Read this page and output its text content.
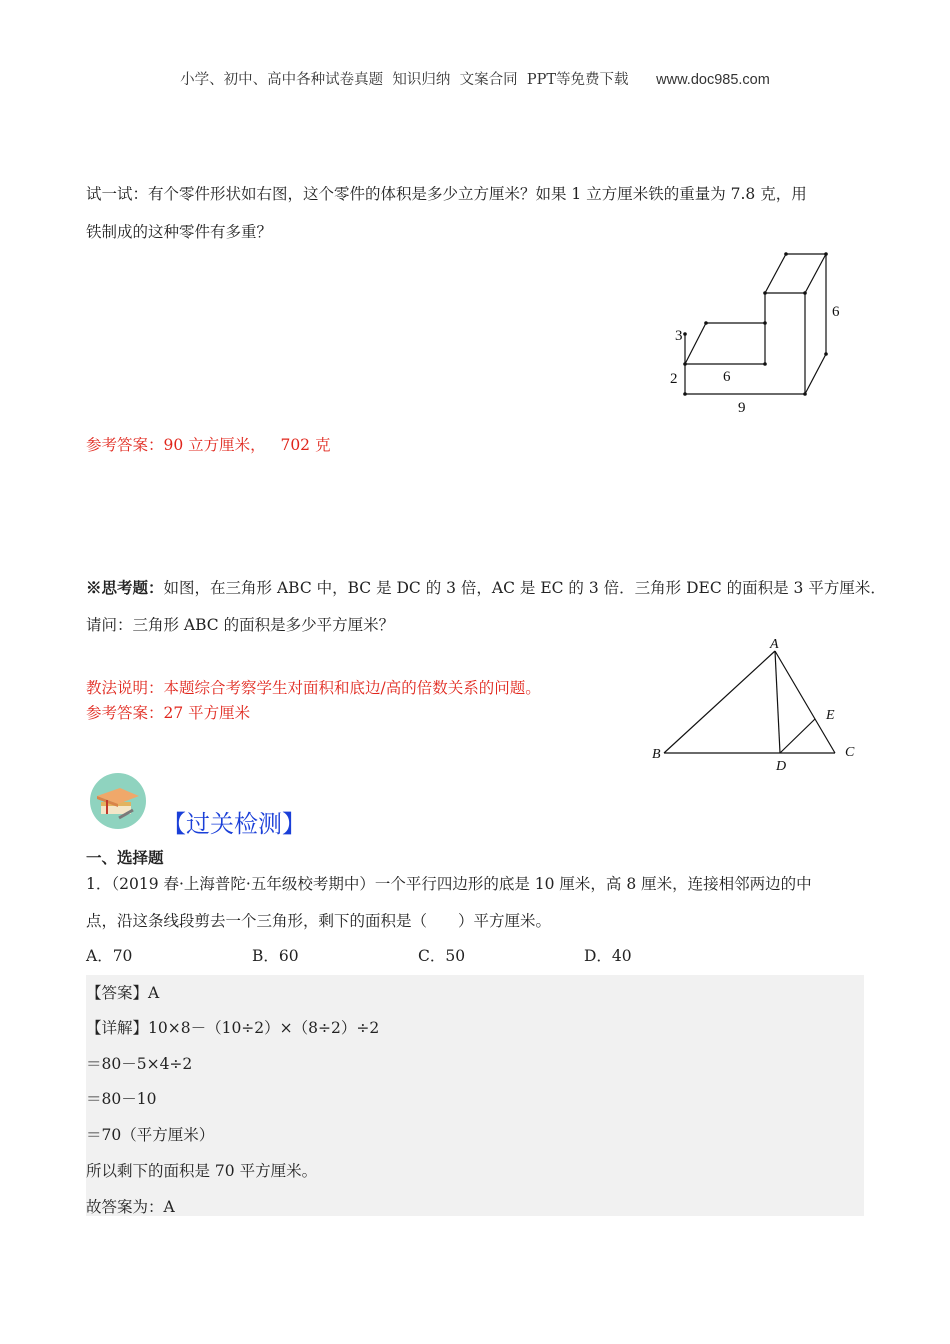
小学、初中、高中各种试卷真题  知识归纳  文案合同  PPT等免费下载 www.doc985.com
试一试：有个零件形状如右图，这个零件的体积是多少立方厘米？如果 1 立方厘米铁的重量为 7.8 克，用
铁制成的这种零件有多重？
3
2	6
9
6
参考答案：90 立方厘米， 702 克
※思考题：如图，在三角形 ABC 中，BC 是 DC 的 3 倍，AC 是 EC 的 3 倍．三角形 DEC 的面积是 3 平方厘米．
请问：三角形 ABC 的面积是多少平方厘米？
教法说明：本题综合考察学生对面积和底边/高的倍数关系的问题。
参考答案：27 平方厘米
A
B	C
D
E
【过关检测】
一、选择题
1．（2019 春·上海普陀·五年级校考期中）一个平行四边形的底是 10 厘米，高 8 厘米，连接相邻两边的中
点，沿这条线段剪去一个三角形，剩下的面积是（　　）平方厘米。
A．70	B．60	C．50	D．40
【答案】A
【详解】10×8－（10÷2）×（8÷2）÷2
＝80－5×4÷2
＝80－10
＝70（平方厘米）
所以剩下的面积是 70 平方厘米。
故答案为：A
